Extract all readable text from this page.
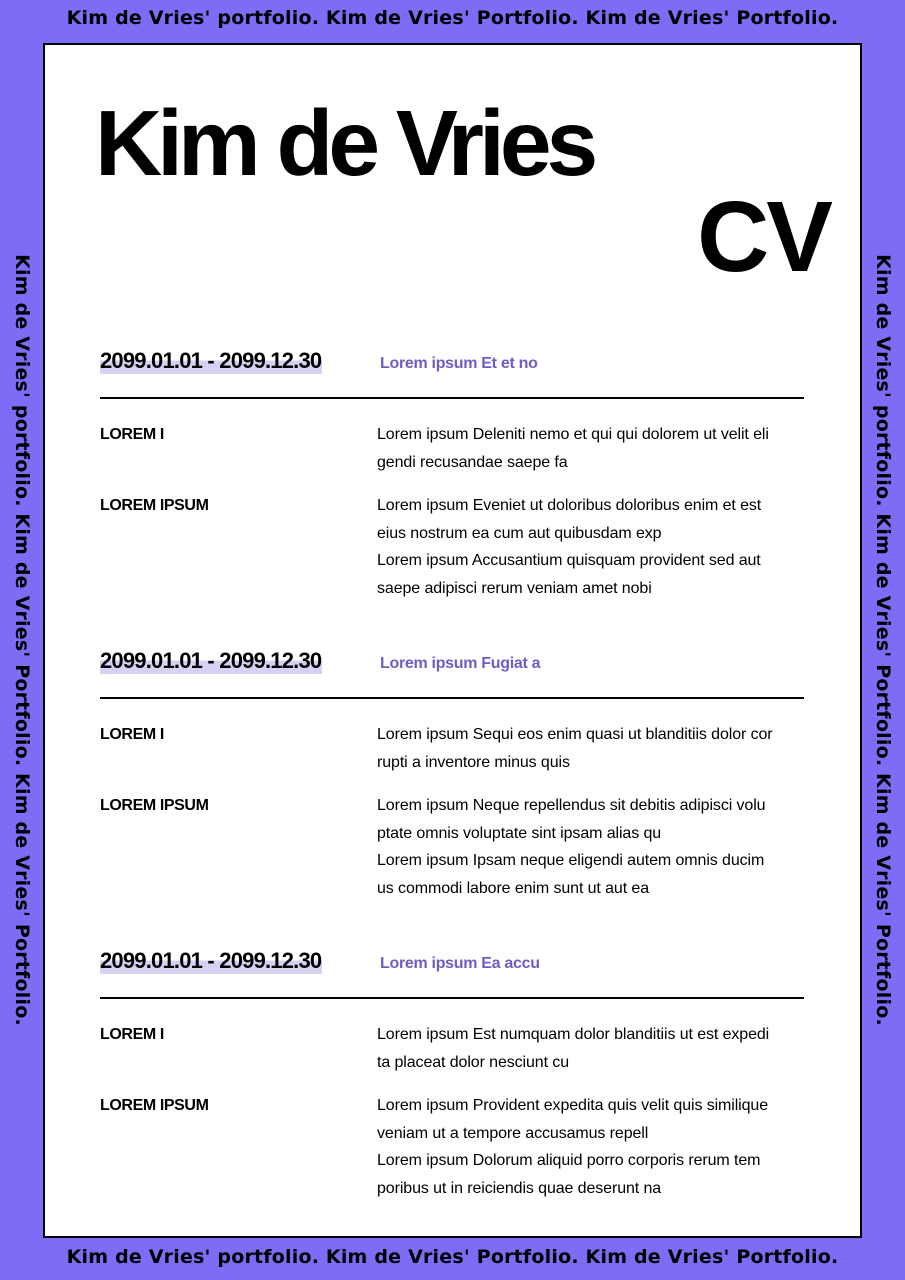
Kim de Vries' portfolio. Kim de Vries' Portfolio. Kim de Vries' Portfolio.
Kim de Vries' portfolio. Kim de Vries' Portfolio. Kim de Vries' Portfolio.
Kim de Vries' portfolio. Kim de Vries' Portfolio. Kim de Vries' Portfolio.	Kim de Vries' portfolio. Kim de Vries' Portfolio. Kim de Vries' Portfolio.
Kim de Vries
CV
2099.01.01 - 2099.12.30	Lorem ipsum Et et no
LOREM I	Lorem ipsum Deleniti nemo et qui qui dolorem ut velit eli

gendi recusandae saepe fa

LOREM IPSUM	Lorem ipsum Eveniet ut doloribus doloribus enim et est

eius nostrum ea cum aut quibusdam exp

Lorem ipsum Accusantium quisquam provident sed aut

saepe adipisci rerum veniam amet nobi

2099.01.01 - 2099.12.30	Lorem ipsum Fugiat a
LOREM I	Lorem ipsum Sequi eos enim quasi ut blanditiis dolor cor

rupti a inventore minus quis

LOREM IPSUM	Lorem ipsum Neque repellendus sit debitis adipisci volu

ptate omnis voluptate sint ipsam alias qu

Lorem ipsum Ipsam neque eligendi autem omnis ducim

us commodi labore enim sunt ut aut ea

2099.01.01 - 2099.12.30	Lorem ipsum Ea accu
LOREM I	Lorem ipsum Est numquam dolor blanditiis ut est expedi

ta placeat dolor nesciunt cu

LOREM IPSUM	Lorem ipsum Provident expedita quis velit quis similique

veniam ut a tempore accusamus repell

Lorem ipsum Dolorum aliquid porro corporis rerum tem

poribus ut in reiciendis quae deserunt na
